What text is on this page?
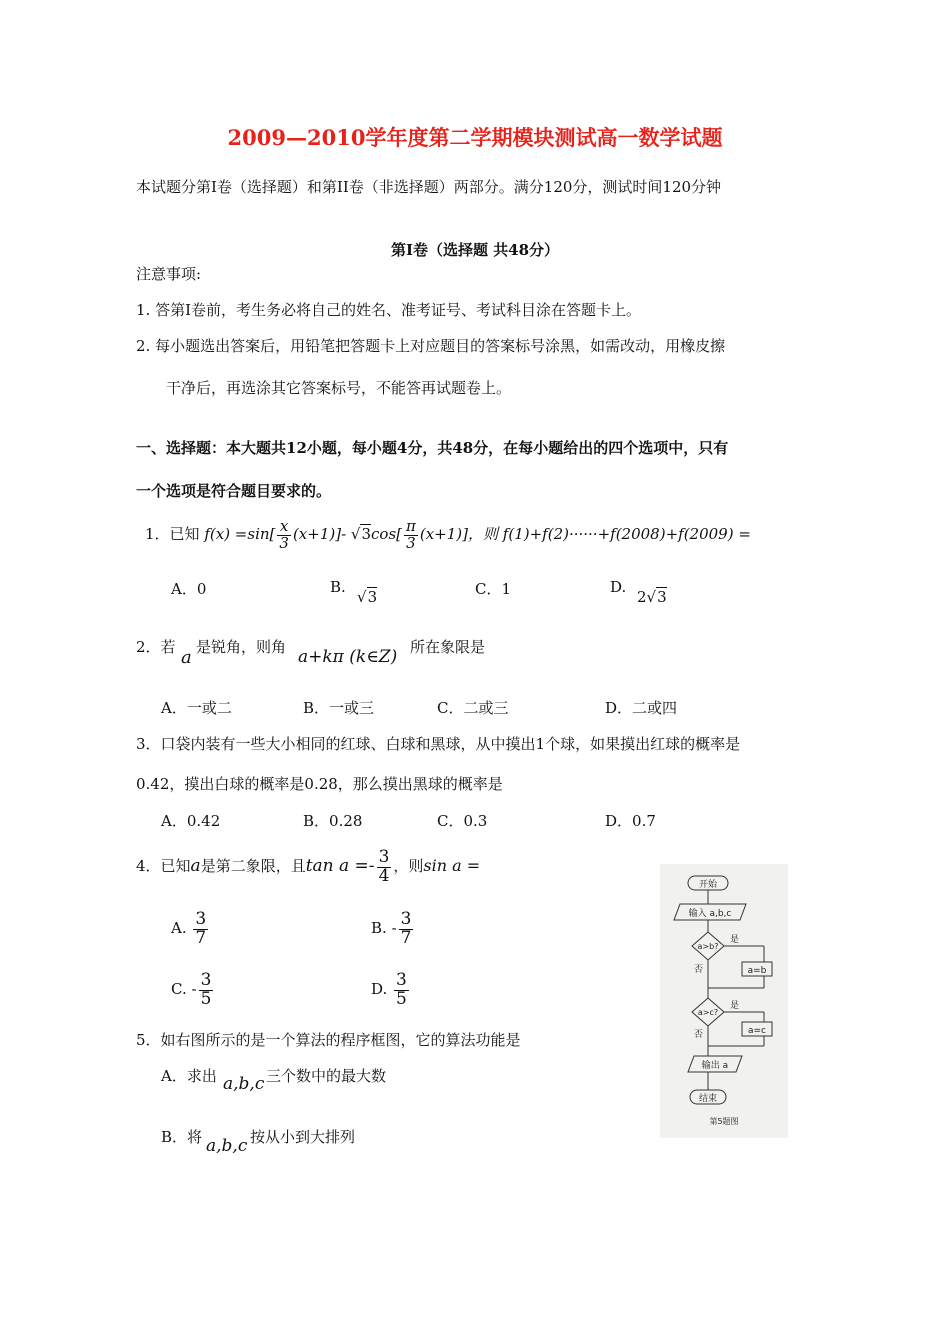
2009—2010学年度第二学期模块测试高一数学试题
本试题分第Ⅰ卷（选择题）和第II卷（非选择题）两部分。满分120分，测试时间120分钟
第Ⅰ卷（选择题 共48分）
注意事项:
1. 答第Ⅰ卷前，考生务必将自己的姓名、准考证号、考试科目涂在答题卡上。
2. 每小题选出答案后，用铅笔把答题卡上对应题目的答案标号涂黑，如需改动，用橡皮擦
干净后，再选涂其它答案标号，不能答再试题卷上。
一、选择题：本大题共12小题，每小题4分，共48分，在每小题给出的四个选项中，只有
一个选项是符合题目要求的。
1．已知 $f(x) =\sin[ \frac{x}{3} (x+1)]-$ $√3\cos[ \frac{\pi}{3} (x+1)]$，则 f(1)+f(2)······+f(2008)+f(2009) =
A．0	B.
√3	C．1	D.
2√3
2．若 a 是锐角，则角 a+kπ (k∈Z) 所在象限是
A．一或二	B．一或三	C．二或三	D．二或四
3．口袋内装有一些大小相同的红球、白球和黑球，从中摸出1个球，如果摸出红球的概率是
0.42，摸出白球的概率是0.28，那么摸出黑球的概率是
A．0.42	B．0.28	C．0.3	D．0.7
4．已知a是第二象限，且$\tan a =- \frac{3}{4}$ ，则sin a =
A. $\frac{3}{7}$	B. - $\frac{3}{7}$
C. - $\frac{3}{5}$	D. $\frac{3}{5}$
5．如右图所示的是一个算法的程序框图，它的算法功能是
A．求出 a,b,c 三个数中的最大数
B．将 a,b,c 按从小到大排列
开始
输入 a,b,c
a>b?
是
否	a=b
a>c?
是
否	a=c
输出 a
结束
第5题图
